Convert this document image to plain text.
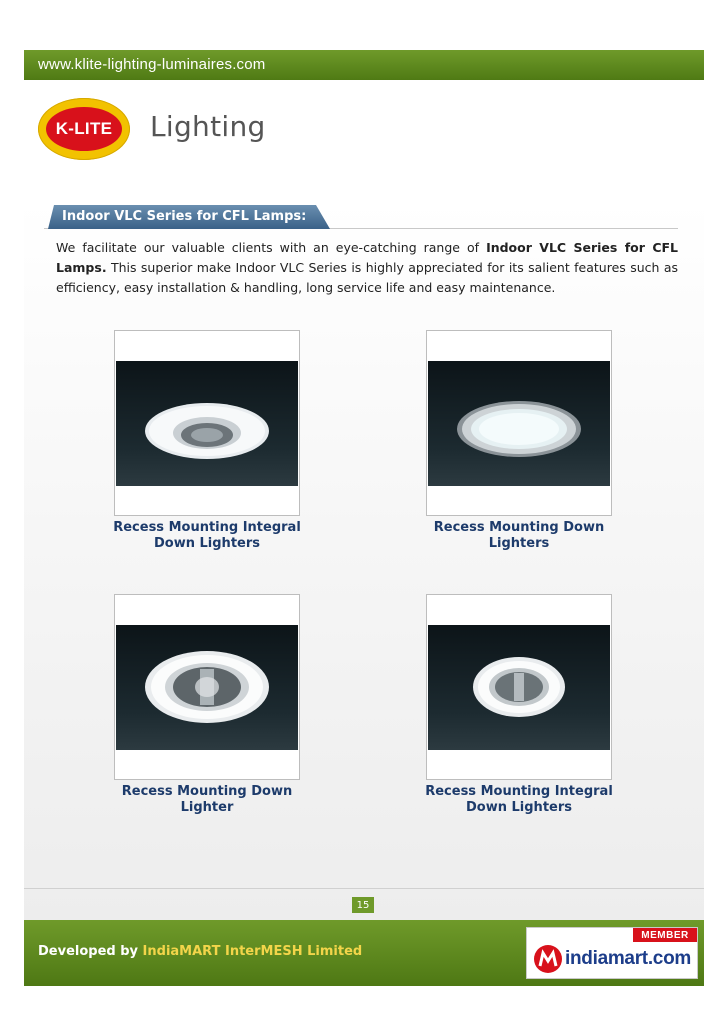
www.klite-lighting-luminaires.com
K-LITE Lighting
Indoor VLC Series for CFL Lamps:

We facilitate our valuable clients with an eye-catching range of Indoor VLC Series for CFL Lamps. This superior make Indoor VLC Series is highly appreciated for its salient features such as efficiency, easy installation & handling, long service life and easy maintenance.

Recess Mounting Integral
Down Lighters
Recess Mounting Down
Lighters
Recess Mounting Down
Lighter
Recess Mounting Integral
Down Lighters
15
Developed by IndiaMART InterMESH Limited
MEMBER
indiamart.com
